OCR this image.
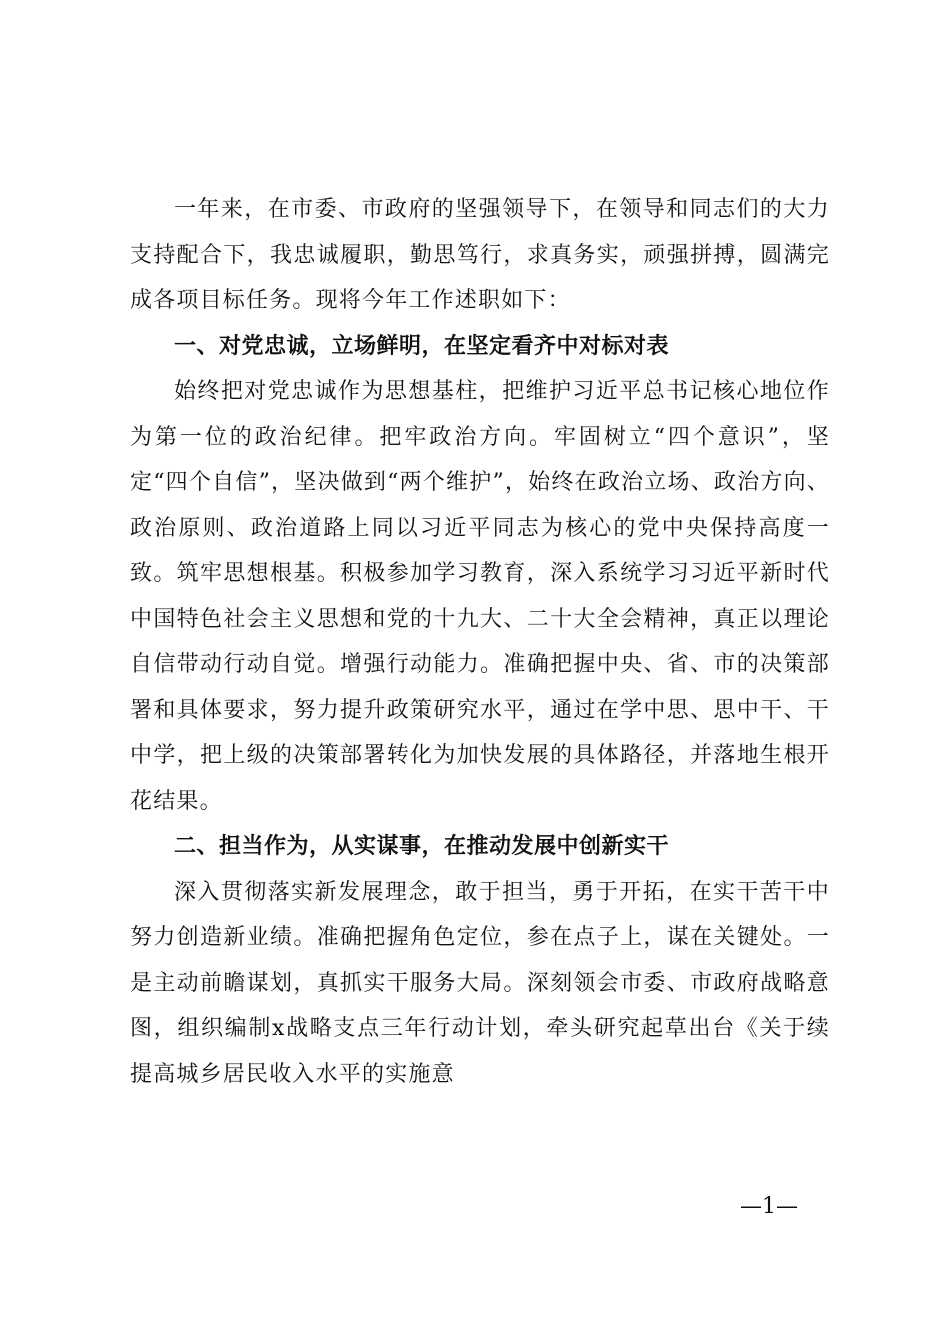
一年来，在市委、市政府的坚强领导下，在领导和同志们的大力支持配合下，我忠诚履职，勤思笃行，求真务实，顽强拼搏，圆满完成各项目标任务。现将今年工作述职如下：

一、对党忠诚，立场鲜明，在坚定看齐中对标对表

始终把对党忠诚作为思想基柱，把维护习近平总书记核心地位作为第一位的政治纪律。把牢政治方向。牢固树立“四个意识”，坚定“四个自信”，坚决做到“两个维护”，始终在政治立场、政治方向、政治原则、政治道路上同以习近平同志为核心的党中央保持高度一致。筑牢思想根基。积极参加学习教育，深入系统学习习近平新时代中国特色社会主义思想和党的十九大、二十大全会精神，真正以理论自信带动行动自觉。增强行动能力。准确把握中央、省、市的决策部署和具体要求，努力提升政策研究水平，通过在学中思、思中干、干中学，把上级的决策部署转化为加快发展的具体路径，并落地生根开花结果。

二、担当作为，从实谋事，在推动发展中创新实干

深入贯彻落实新发展理念，敢于担当，勇于开拓，在实干苦干中努力创造新业绩。准确把握角色定位，参在点子上，谋在关键处。一是主动前瞻谋划，真抓实干服务大局。深刻领会市委、市政府战略意图，组织编制x战略支点三年行动计划，牵头研究起草出台《关于续提高城乡居民收入水平的实施意

—1—
